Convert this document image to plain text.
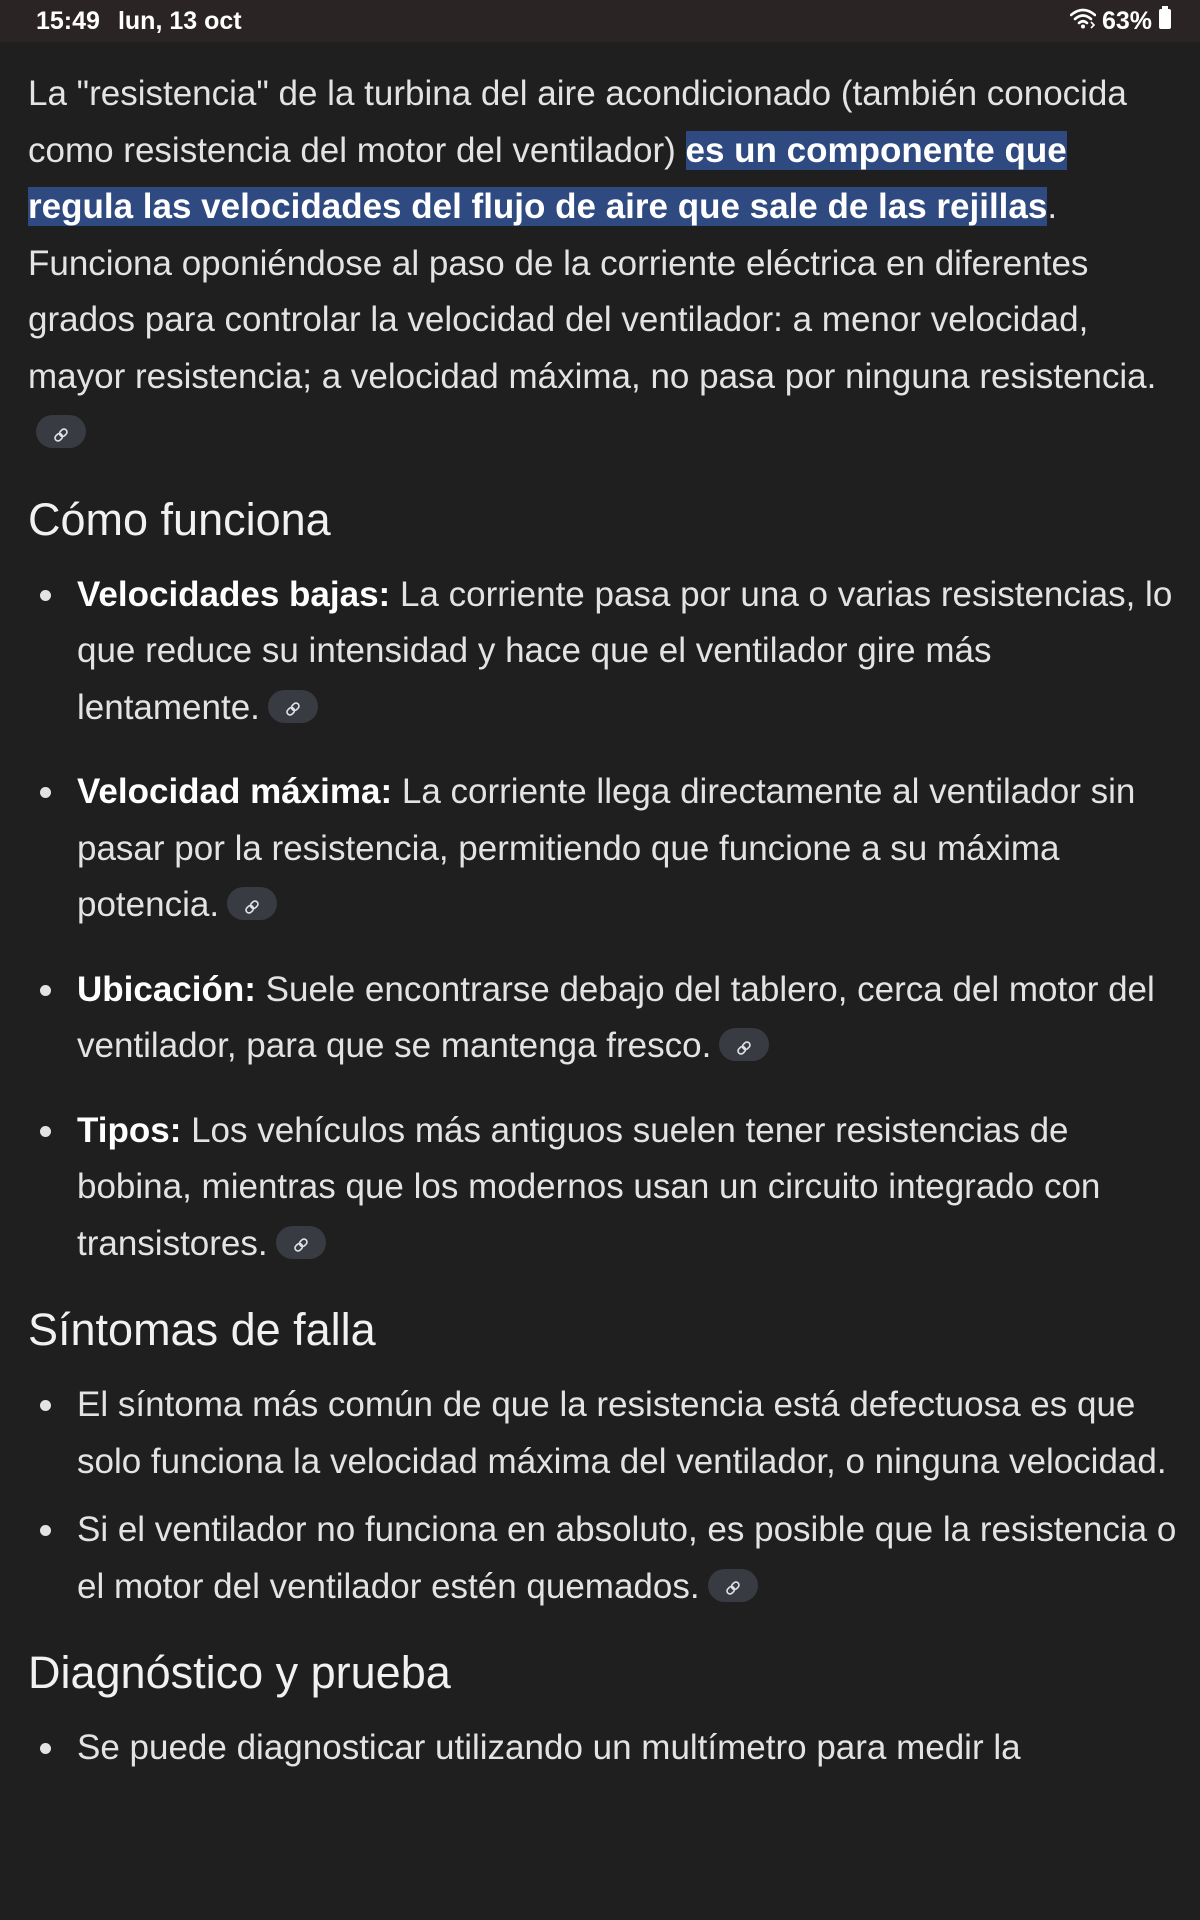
15:49 lun, 13 oct	63%

La "resistencia" de la turbina del aire acondicionado (también conocida como resistencia del motor del ventilador) es un componente que regula las velocidades del flujo de aire que sale de las rejillas. Funciona oponiéndose al paso de la corriente eléctrica en diferentes grados para controlar la velocidad del ventilador: a menor velocidad, mayor resistencia; a velocidad máxima, no pasa por ninguna resistencia.

Cómo funciona
Velocidades bajas: La corriente pasa por una o varias resistencias, lo que reduce su intensidad y hace que el ventilador gire más lentamente.
Velocidad máxima: La corriente llega directamente al ventilador sin pasar por la resistencia, permitiendo que funcione a su máxima potencia.
Ubicación: Suele encontrarse debajo del tablero, cerca del motor del ventilador, para que se mantenga fresco.
Tipos: Los vehículos más antiguos suelen tener resistencias de bobina, mientras que los modernos usan un circuito integrado con transistores.
Síntomas de falla
El síntoma más común de que la resistencia está defectuosa es que solo funciona la velocidad máxima del ventilador, o ninguna velocidad.
Si el ventilador no funciona en absoluto, es posible que la resistencia o el motor del ventilador estén quemados.
Diagnóstico y prueba
Se puede diagnosticar utilizando un multímetro para medir la
